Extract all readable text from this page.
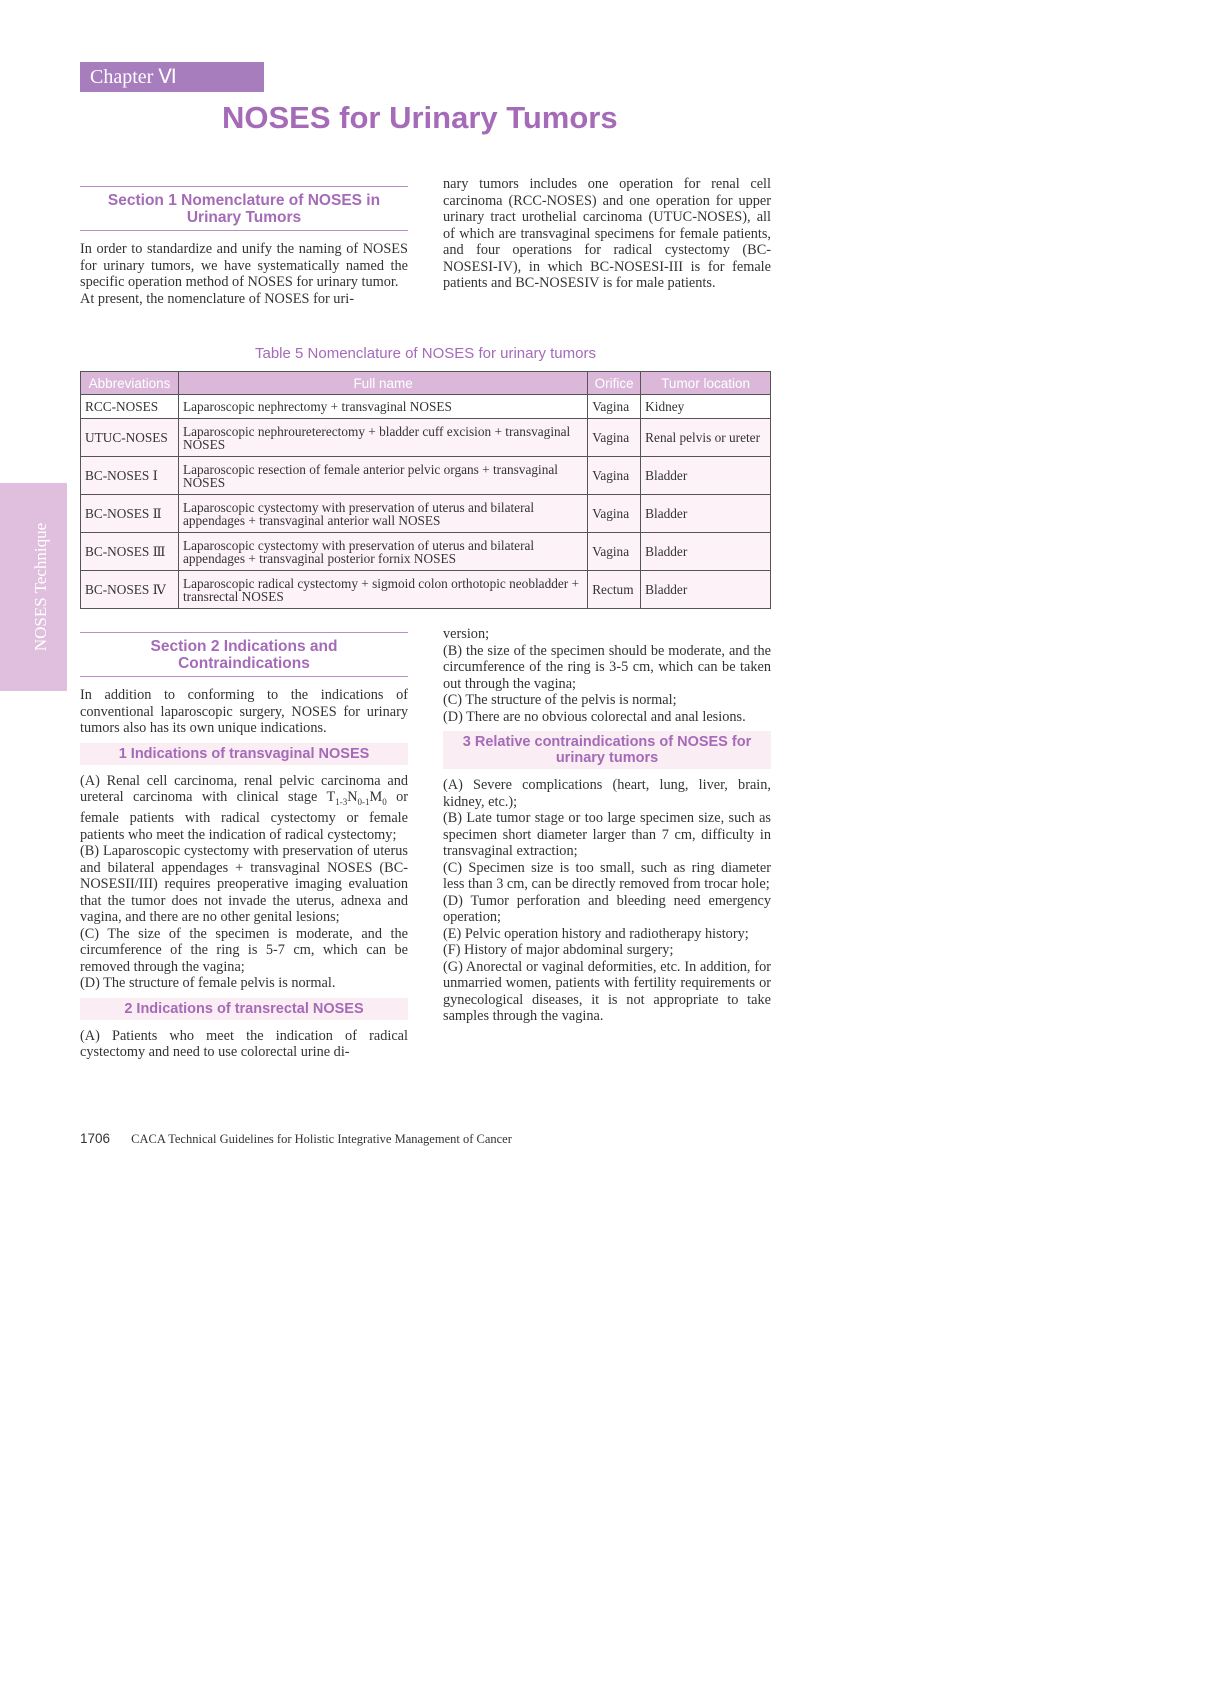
Chapter Ⅵ
NOSES for Urinary Tumors
NOSES Technique
Section 1 Nomenclature of NOSES in Urinary Tumors

In order to standardize and unify the naming of NOSES for urinary tumors, we have systematically named the specific operation method of NOSES for urinary tumor.

At present, the nomenclature of NOSES for uri-

nary tumors includes one operation for renal cell carcinoma (RCC-NOSES) and one operation for upper urinary tract urothelial carcinoma (UTUC-NOSES), all of which are transvaginal specimens for female patients, and four operations for radical cystectomy (BC-NOSESI-IV), in which BC-NOSESI-III is for female patients and BC-NOSESIV is for male patients.

Table 5 Nomenclature of NOSES for urinary tumors
Abbreviations	Full name	Orifice	Tumor location
RCC-NOSES	Laparoscopic nephrectomy + transvaginal NOSES	Vagina	Kidney
UTUC-NOSES	Laparoscopic nephroureterectomy + bladder cuff excision + transvaginal NOSES	Vagina	Renal pelvis or ureter
BC-NOSES Ⅰ	Laparoscopic resection of female anterior pelvic organs + transvaginal NOSES	Vagina	Bladder
BC-NOSES Ⅱ	Laparoscopic cystectomy with preservation of uterus and bilateral appendages + transvaginal anterior wall NOSES	Vagina	Bladder
BC-NOSES Ⅲ	Laparoscopic cystectomy with preservation of uterus and bilateral appendages + transvaginal posterior fornix NOSES	Vagina	Bladder
BC-NOSES Ⅳ	Laparoscopic radical cystectomy + sigmoid colon orthotopic neobladder + transrectal NOSES	Rectum	Bladder
Section 2 Indications and Contraindications

In addition to conforming to the indications of conventional laparoscopic surgery, NOSES for urinary tumors also has its own unique indications.

1 Indications of transvaginal NOSES

(A) Renal cell carcinoma, renal pelvic carcinoma and ureteral carcinoma with clinical stage $T_{1-3}N_{0-1}M_0$ or female patients with radical cystectomy or female patients who meet the indication of radical cystectomy;

(B) Laparoscopic cystectomy with preservation of uterus and bilateral appendages + transvaginal NOSES (BC-NOSESII/III) requires preoperative imaging evaluation that the tumor does not invade the uterus, adnexa and vagina, and there are no other genital lesions;

(C) The size of the specimen is moderate, and the circumference of the ring is 5-7 cm, which can be removed through the vagina;

(D) The structure of female pelvis is normal.

2 Indications of transrectal NOSES

(A) Patients who meet the indication of radical cystectomy and need to use colorectal urine di-

version;

(B) the size of the specimen should be moderate, and the circumference of the ring is 3-5 cm, which can be taken out through the vagina;

(C) The structure of the pelvis is normal;

(D) There are no obvious colorectal and anal lesions.

3 Relative contraindications of NOSES for urinary tumors

(A) Severe complications (heart, lung, liver, brain, kidney, etc.);

(B) Late tumor stage or too large specimen size, such as specimen short diameter larger than 7 cm, difficulty in transvaginal extraction;

(C) Specimen size is too small, such as ring diameter less than 3 cm, can be directly removed from trocar hole;

(D) Tumor perforation and bleeding need emergency operation;

(E) Pelvic operation history and radiotherapy history;

(F) History of major abdominal surgery;

(G) Anorectal or vaginal deformities, etc. In addition, for unmarried women, patients with fertility requirements or gynecological diseases, it is not appropriate to take samples through the vagina.

1706 CACA Technical Guidelines for Holistic Integrative Management of Cancer
